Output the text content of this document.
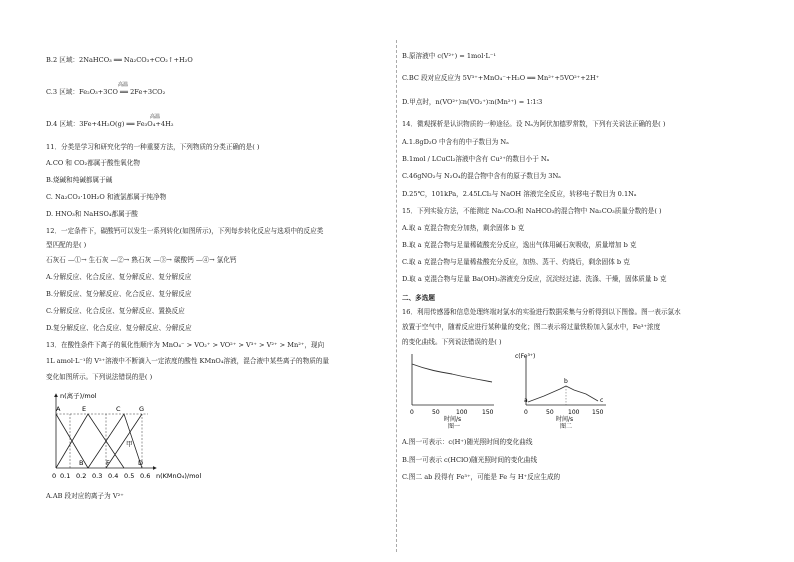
B.2 区域：2NaHCO₃ ══ Na₂CO₃+CO₂↑+H₂O
高温
C.3 区域：Fe₂O₃+3CO ══ 2Fe+3CO₂
高温
D.4 区域：3Fe+4H₂O(g) ══ Fe₃O₄+4H₂
11．分类是学习和研究化学的一种重要方法，下列物质的分类正确的是( )
A.CO 和 CO₂都属于酸性氧化物
B.烧碱和纯碱都属于碱
C. Na₂CO₃·10H₂O 和液氯都属于纯净物
D. HNO₃和 NaHSO₄都属于酸
12．一定条件下，碳酸钙可以发生一系列转化(如图所示)，下列每步转化反应与选项中的反应类
型匹配的是( )
石灰石 —①→ 生石灰 —②→ 熟石灰 —③→ 碳酸钙 —④→ 氯化钙
A.分解反应、化合反应、复分解反应、复分解反应
B.分解反应、复分解反应、化合反应、复分解反应
C.分解反应、化合反应、复分解反应、置换反应
D.复分解反应、化合反应、复分解反应、分解反应
13．在酸性条件下离子的氧化性顺序为 MnO₄⁻ > VO₂⁺ > VO²⁺ > V³⁺ > V²⁺ > Mn²⁺，现向
1L amol·L⁻¹的 V²⁺溶液中不断滴入一定浓度的酸性 KMnO₄溶液，混合液中某些离子的物质的量
变化如图所示。下列说法错误的是( )
n(离子)/mol
A	E	C	G
B	F	D
甲
0 0.1 0.2 0.3 0.4 0.5 0.6 n(KMnO₄)/mol
A.AB 段对应的离子为 V²⁺
B.原溶液中 c(V²⁺) = 1mol·L⁻¹
C.BC 段对应反应为 5V³⁺+MnO₄⁻+H₂O ══ Mn²⁺+5VO²⁺+2H⁺
D.甲点时，n(VO²⁺)∶n(VO₂⁺)∶n(Mn²⁺) = 1∶1∶3
14．微观探析是认识物质的一种途径。设 Nₐ为阿伏加德罗常数，下列有关说法正确的是( )
A.1.8gD₂O 中含有的中子数目为 Nₐ
B.1mol / LCuCl₂溶液中含有 Cu²⁺的数目小于 Nₐ
C.46gNO₂与 N₂O₄的混合物中含有的原子数目为 3Nₐ
D.25℃，101kPa，2.45LCl₂与 NaOH 溶液完全反应，转移电子数目为 0.1Nₐ
15．下列实验方法，不能测定 Na₂CO₃和 NaHCO₃的混合物中 Na₂CO₃质量分数的是( )
A.取 a 克混合物充分加热，剩余固体 b 克
B.取 a 克混合物与足量稀硫酸充分反应，逸出气体用碱石灰吸收，质量增加 b 克
C.取 a 克混合物与足量稀盐酸充分反应，加热、蒸干、灼烧后，剩余固体 b 克
D.取 a 克混合物与足量 Ba(OH)₂溶液充分反应，沉淀经过滤、洗涤、干燥，固体质量 b 克
二、多选题
16．利用传感器和信息处理终端对氯水的实验进行数据采集与分析得到以下图像。图一表示氯水
放置于空气中，随着反应进行某种量的变化；图二表示将过量铁粉加入氯水中，Fe³⁺浓度
的变化曲线。下列说法错误的是( )
0	50	100 150
时间/s
图一
c(Fe³⁺)
a
b
c
0	50 100 150
时间/s
图二
A.图一可表示：c(H⁺)随光照时间的变化曲线
B.图一可表示 c(HClO)随光照时间的变化曲线
C.图二 ab 段得有 Fe³⁺，可能是 Fe 与 H⁺反应生成的
